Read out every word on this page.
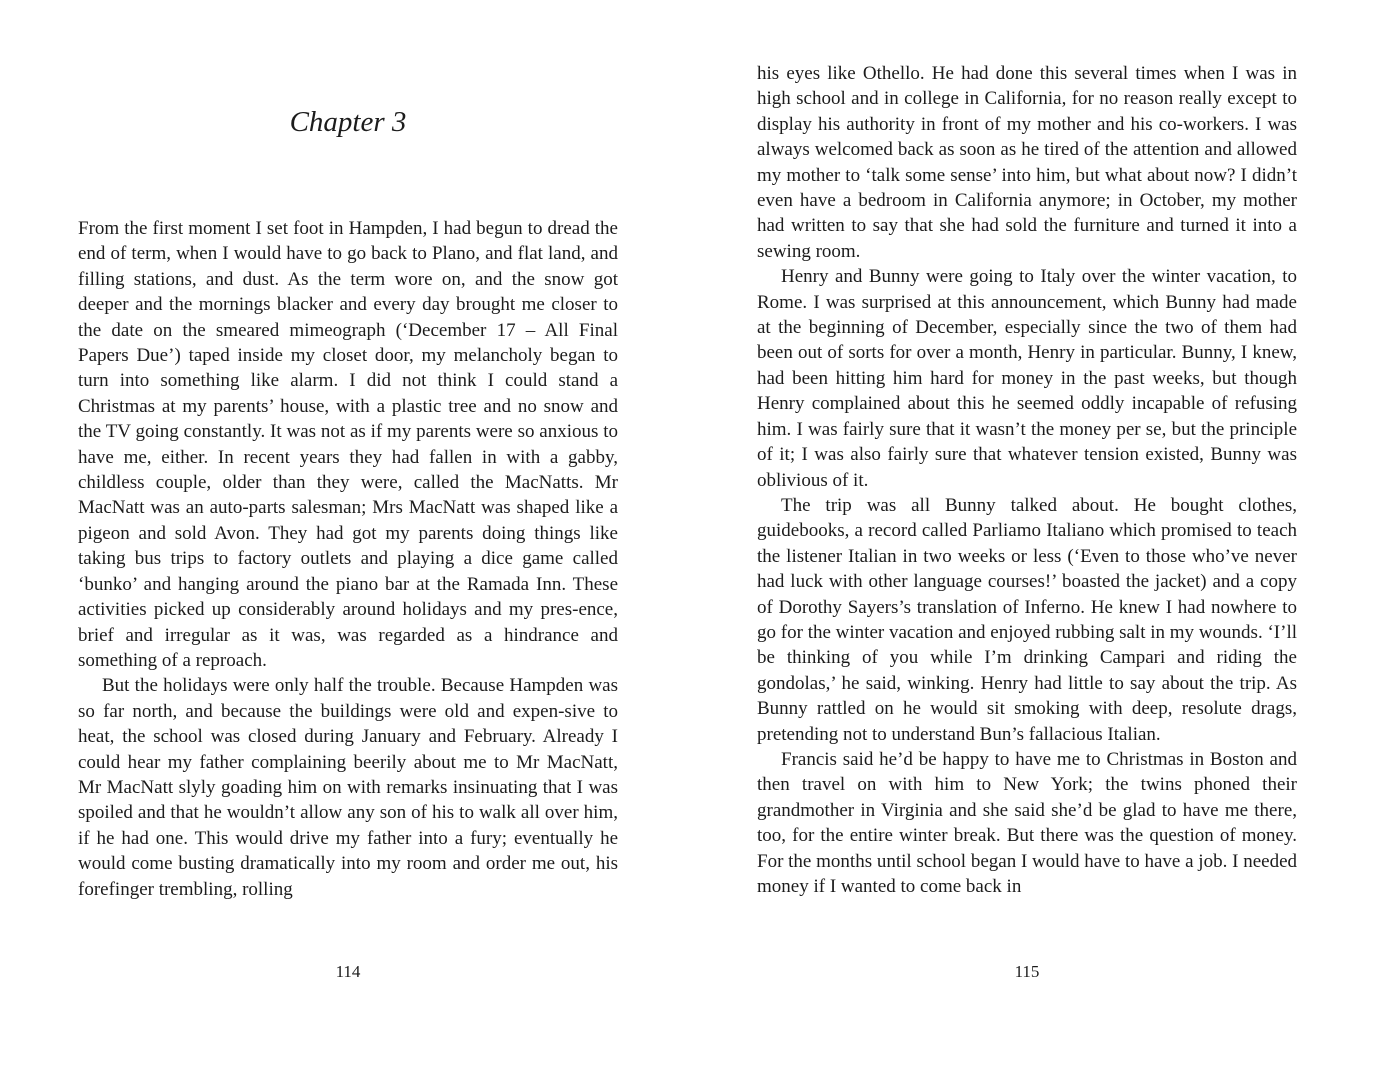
Chapter 3

From the first moment I set foot in Hampden, I had begun to dread the end of term, when I would have to go back to Plano, and flat land, and filling stations, and dust. As the term wore on, and the snow got deeper and the mornings blacker and every day brought me closer to the date on the smeared mimeograph (‘December 17 – All Final Papers Due’) taped inside my closet door, my melancholy began to turn into something like alarm. I did not think I could stand a Christmas at my parents’ house, with a plastic tree and no snow and the TV going constantly. It was not as if my parents were so anxious to have me, either. In recent years they had fallen in with a gabby, childless couple, older than they were, called the MacNatts. Mr MacNatt was an auto-parts salesman; Mrs MacNatt was shaped like a pigeon and sold Avon. They had got my parents doing things like taking bus trips to factory outlets and playing a dice game called ‘bunko’ and hanging around the piano bar at the Ramada Inn. These activities picked up considerably around holidays and my pres-ence, brief and irregular as it was, was regarded as a hindrance and something of a reproach.

But the holidays were only half the trouble. Because Hampden was so far north, and because the buildings were old and expen-sive to heat, the school was closed during January and February. Already I could hear my father complaining beerily about me to Mr MacNatt, Mr MacNatt slyly goading him on with remarks insinuating that I was spoiled and that he wouldn’t allow any son of his to walk all over him, if he had one. This would drive my father into a fury; eventually he would come busting dramatically into my room and order me out, his forefinger trembling, rolling

114

his eyes like Othello. He had done this several times when I was in high school and in college in California, for no reason really except to display his authority in front of my mother and his co-workers. I was always welcomed back as soon as he tired of the attention and allowed my mother to ‘talk some sense’ into him, but what about now? I didn’t even have a bedroom in California anymore; in October, my mother had written to say that she had sold the furniture and turned it into a sewing room.

Henry and Bunny were going to Italy over the winter vacation, to Rome. I was surprised at this announcement, which Bunny had made at the beginning of December, especially since the two of them had been out of sorts for over a month, Henry in particular. Bunny, I knew, had been hitting him hard for money in the past weeks, but though Henry complained about this he seemed oddly incapable of refusing him. I was fairly sure that it wasn’t the money per se, but the principle of it; I was also fairly sure that whatever tension existed, Bunny was oblivious of it.

The trip was all Bunny talked about. He bought clothes, guidebooks, a record called Parliamo Italiano which promised to teach the listener Italian in two weeks or less (‘Even to those who’ve never had luck with other language courses!’ boasted the jacket) and a copy of Dorothy Sayers’s translation of Inferno. He knew I had nowhere to go for the winter vacation and enjoyed rubbing salt in my wounds. ‘I’ll be thinking of you while I’m drinking Campari and riding the gondolas,’ he said, winking. Henry had little to say about the trip. As Bunny rattled on he would sit smoking with deep, resolute drags, pretending not to understand Bun’s fallacious Italian.

Francis said he’d be happy to have me to Christmas in Boston and then travel on with him to New York; the twins phoned their grandmother in Virginia and she said she’d be glad to have me there, too, for the entire winter break. But there was the question of money. For the months until school began I would have to have a job. I needed money if I wanted to come back in

115
